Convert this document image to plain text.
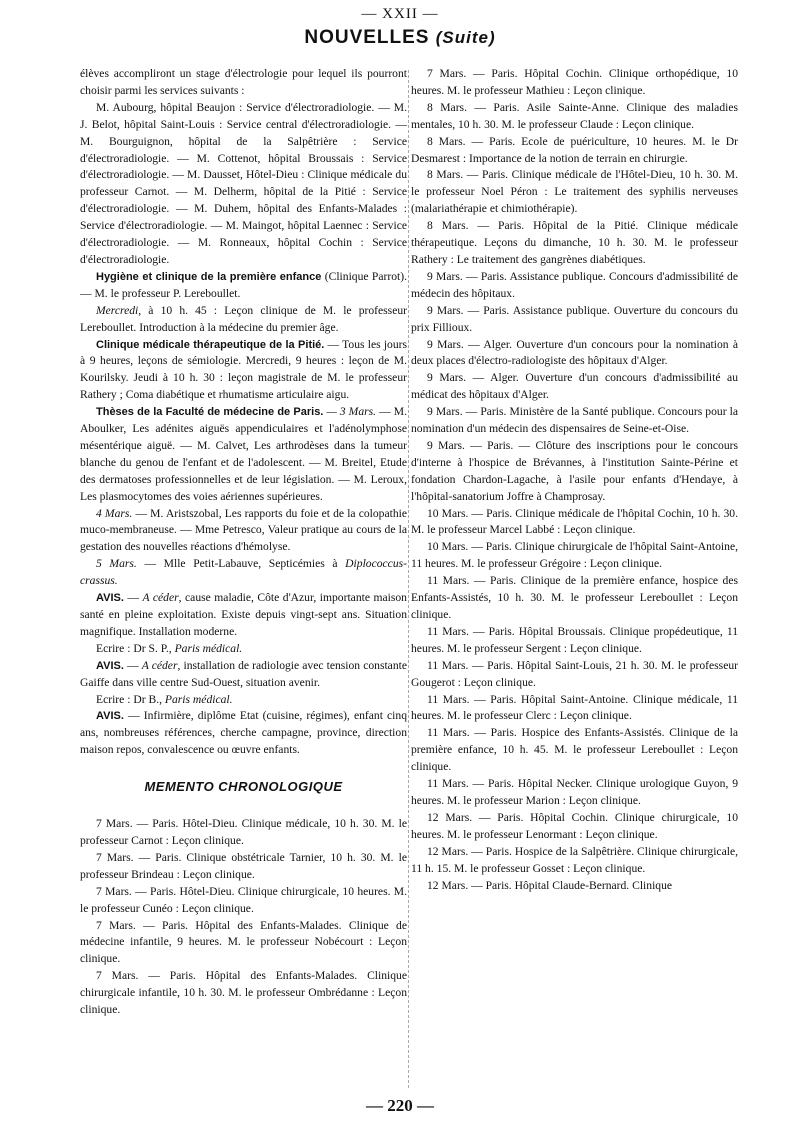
— XXII —
NOUVELLES (Suite)

élèves accompliront un stage d'électrologie pour lequel ils pourront choisir parmi les services suivants :

M. Aubourg, hôpital Beaujon : Service d'électroradiologie. — M. J. Belot, hôpital Saint-Louis : Service central d'électroradiologie. — M. Bourguignon, hôpital de la Salpêtrière : Service d'électroradiologie. — M. Cottenot, hôpital Broussais : Service d'électroradiologie. — M. Dausset, Hôtel-Dieu : Clinique médicale du professeur Carnot. — M. Delherm, hôpital de la Pitié : Service d'électroradiologie. — M. Duhem, hôpital des Enfants-Malades : Service d'électroradiologie. — M. Maingot, hôpital Laennec : Service d'électroradiologie. — M. Ronneaux, hôpital Cochin : Service d'électroradiologie.

Hygiène et clinique de la première enfance (Clinique Parrot). — M. le professeur P. Lereboullet.

Mercredi, à 10 h. 45 : Leçon clinique de M. le professeur Lereboullet. Introduction à la médecine du premier âge.

Clinique médicale thérapeutique de la Pitié. — Tous les jours à 9 heures, leçons de sémiologie. Mercredi, 9 heures : leçon de M. Kourilsky. Jeudi à 10 h. 30 : leçon magistrale de M. le professeur Rathery ; Coma diabétique et rhumatisme articulaire aigu.

Thèses de la Faculté de médecine de Paris. — 3 Mars. — M. Aboulker, Les adénites aiguës appendiculaires et l'adénolymphose mésentérique aiguë. — M. Calvet, Les arthrodèses dans la tumeur blanche du genou de l'enfant et de l'adolescent. — M. Breitel, Etude des dermatoses professionnelles et de leur législation. — M. Leroux, Les plasmocytomes des voies aériennes supérieures.

4 Mars. — M. Aristszobal, Les rapports du foie et de la colopathie muco-membraneuse. — Mme Petresco, Valeur pratique au cours de la gestation des nouvelles réactions d'hémolyse.

5 Mars. — Mlle Petit-Labauve, Septicémies à Diplococcus-crassus.

AVIS. — A céder, cause maladie, Côte d'Azur, importante maison santé en pleine exploitation. Existe depuis vingt-sept ans. Situation magnifique. Installation moderne.

Ecrire : Dr S. P., Paris médical.

AVIS. — A céder, installation de radiologie avec tension constante Gaiffe dans ville centre Sud-Ouest, situation avenir.

Ecrire : Dr B., Paris médical.

AVIS. — Infirmière, diplôme Etat (cuisine, régimes), enfant cinq ans, nombreuses références, cherche campagne, province, direction maison repos, convalescence ou œuvre enfants.

MEMENTO CHRONOLOGIQUE

7 Mars. — Paris. Hôtel-Dieu. Clinique médicale, 10 h. 30. M. le professeur Carnot : Leçon clinique.

7 Mars. — Paris. Clinique obstétricale Tarnier, 10 h. 30. M. le professeur Brindeau : Leçon clinique.

7 Mars. — Paris. Hôtel-Dieu. Clinique chirurgicale, 10 heures. M. le professeur Cunéo : Leçon clinique.

7 Mars. — Paris. Hôpital des Enfants-Malades. Clinique de médecine infantile, 9 heures. M. le professeur Nobécourt : Leçon clinique.

7 Mars. — Paris. Hôpital des Enfants-Malades. Clinique chirurgicale infantile, 10 h. 30. M. le professeur Ombrédanne : Leçon clinique.

7 Mars. — Paris. Hôpital Cochin. Clinique orthopédique, 10 heures. M. le professeur Mathieu : Leçon clinique.

8 Mars. — Paris. Asile Sainte-Anne. Clinique des maladies mentales, 10 h. 30. M. le professeur Claude : Leçon clinique.

8 Mars. — Paris. Ecole de puériculture, 10 heures. M. le Dr Desmarest : Importance de la notion de terrain en chirurgie.

8 Mars. — Paris. Clinique médicale de l'Hôtel-Dieu, 10 h. 30. M. le professeur Noel Péron : Le traitement des syphilis nerveuses (malariathérapie et chimiothérapie).

8 Mars. — Paris. Hôpital de la Pitié. Clinique médicale thérapeutique. Leçons du dimanche, 10 h. 30. M. le professeur Rathery : Le traitement des gangrènes diabétiques.

9 Mars. — Paris. Assistance publique. Concours d'admissibilité de médecin des hôpitaux.

9 Mars. — Paris. Assistance publique. Ouverture du concours du prix Fillioux.

9 Mars. — Alger. Ouverture d'un concours pour la nomination à deux places d'électro-radiologiste des hôpitaux d'Alger.

9 Mars. — Alger. Ouverture d'un concours d'admissibilité au médicat des hôpitaux d'Alger.

9 Mars. — Paris. Ministère de la Santé publique. Concours pour la nomination d'un médecin des dispensaires de Seine-et-Oise.

9 Mars. — Paris. — Clôture des inscriptions pour le concours d'interne à l'hospice de Brévannes, à l'institution Sainte-Périne et fondation Chardon-Lagache, à l'asile pour enfants d'Hendaye, à l'hôpital-sanatorium Joffre à Champrosay.

10 Mars. — Paris. Clinique médicale de l'hôpital Cochin, 10 h. 30. M. le professeur Marcel Labbé : Leçon clinique.

10 Mars. — Paris. Clinique chirurgicale de l'hôpital Saint-Antoine, 11 heures. M. le professeur Grégoire : Leçon clinique.

11 Mars. — Paris. Clinique de la première enfance, hospice des Enfants-Assistés, 10 h. 30. M. le professeur Lereboullet : Leçon clinique.

11 Mars. — Paris. Hôpital Broussais. Clinique propédeutique, 11 heures. M. le professeur Sergent : Leçon clinique.

11 Mars. — Paris. Hôpital Saint-Louis, 21 h. 30. M. le professeur Gougerot : Leçon clinique.

11 Mars. — Paris. Hôpital Saint-Antoine. Clinique médicale, 11 heures. M. le professeur Clerc : Leçon clinique.

11 Mars. — Paris. Hospice des Enfants-Assistés. Clinique de la première enfance, 10 h. 45. M. le professeur Lereboullet : Leçon clinique.

11 Mars. — Paris. Hôpital Necker. Clinique urologique Guyon, 9 heures. M. le professeur Marion : Leçon clinique.

12 Mars. — Paris. Hôpital Cochin. Clinique chirurgicale, 10 heures. M. le professeur Lenormant : Leçon clinique.

12 Mars. — Paris. Hospice de la Salpêtrière. Clinique chirurgicale, 11 h. 15. M. le professeur Gosset : Leçon clinique.

12 Mars. — Paris. Hôpital Claude-Bernard. Clinique

— 220 —
